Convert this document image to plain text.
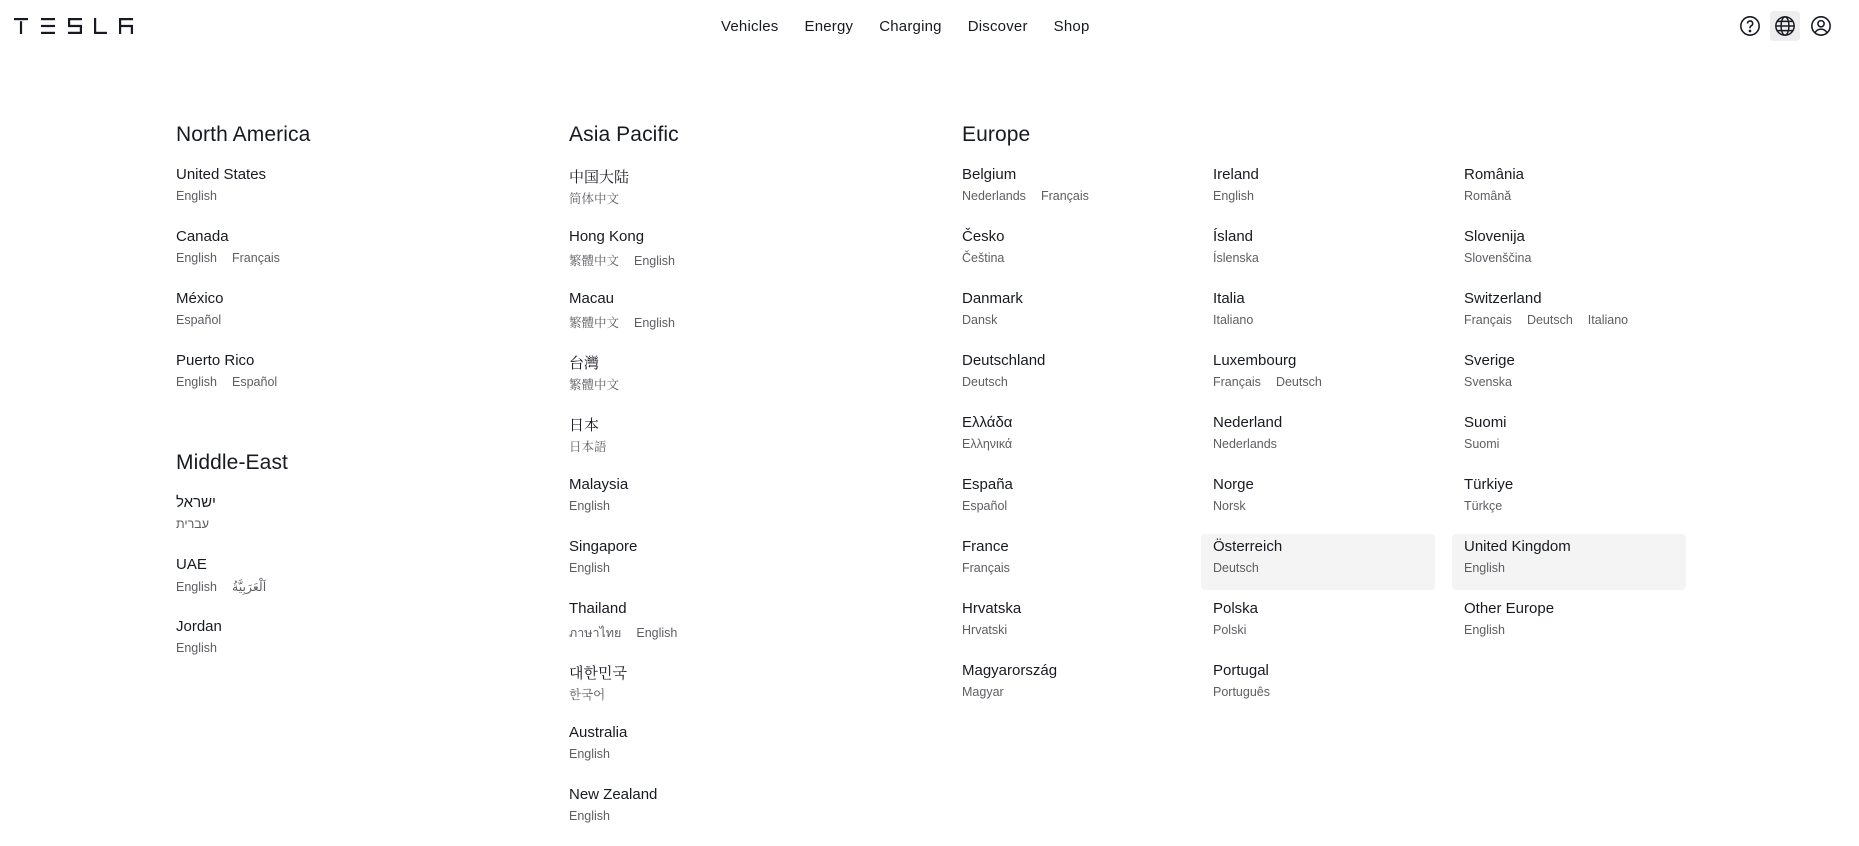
Vehicles	Energy	Charging	Discover	Shop
North America
Middle-East
Asia Pacific	Europe
United States
English
Canada
English Français
México
Español
Puerto Rico
English Español
ישראל
עברית
UAE
English اَلْعَرَبِيَّةُ
Jordan
English
中国大陆
简体中文
Hong Kong
繁體中文 English
Macau
繁體中文 English
台灣
繁體中文
日本
日本語
Malaysia
English
Singapore
English
Thailand
ภาษาไทย English
대한민국
한국어
Australia
English
New Zealand
English
Belgium
Nederlands Français
Česko
Čeština
Danmark
Dansk
Deutschland
Deutsch
Ελλάδα
Ελληνικά
España
Español
France
Français
Hrvatska
Hrvatski
Magyarország
Magyar
Ireland
English
Ísland
Íslenska
Italia
Italiano
Luxembourg
Français Deutsch
Nederland
Nederlands
Norge
Norsk
Österreich
Deutsch
Polska
Polski
Portugal
Português
România
Română
Slovenija
Slovenščina
Switzerland
Français Deutsch Italiano
Sverige
Svenska
Suomi
Suomi
Türkiye
Türkçe
United Kingdom
English
Other Europe
English
